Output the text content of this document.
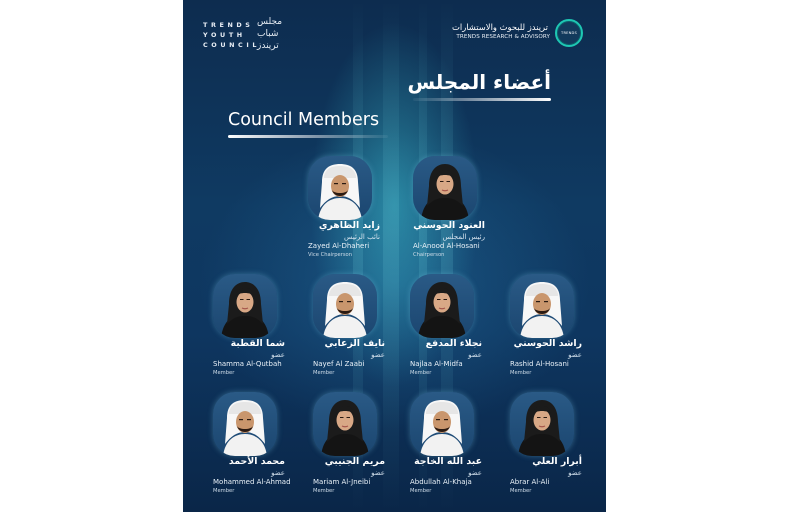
TRENDS
YOUTH
COUNCIL
مجلس
شباب
تريندز
تريندز للبحوث والاستشارات
TRENDS RESEARCH & ADVISORY
TRENDS
أعضاء المجلس
Council Members
العنود الحوسني
رئيس المجلس
Al-Anood Al-Hosani
Chairperson
زايد الظاهري
نائب الرئيس
Zayed Al-Dhaheri
Vice Chairperson
راشد الحوسني
عضو
Rashid Al-Hosani
Member
نجلاء المدفع
عضو
Najlaa Al-Midfa
Member
نايف الزعابي
عضو
Nayef Al Zaabi
Member
شما القطبة
عضو
Shamma Al-Qutbah
Member
أبرار العلي
عضو
Abrar Al-Ali
Member
عبد الله الخاجة
عضو
Abdullah Al-Khaja
Member
مريم الجنيبي
عضو
Mariam Al-Jneibi
Member
محمد الأحمد
عضو
Mohammed Al-Ahmad
Member
